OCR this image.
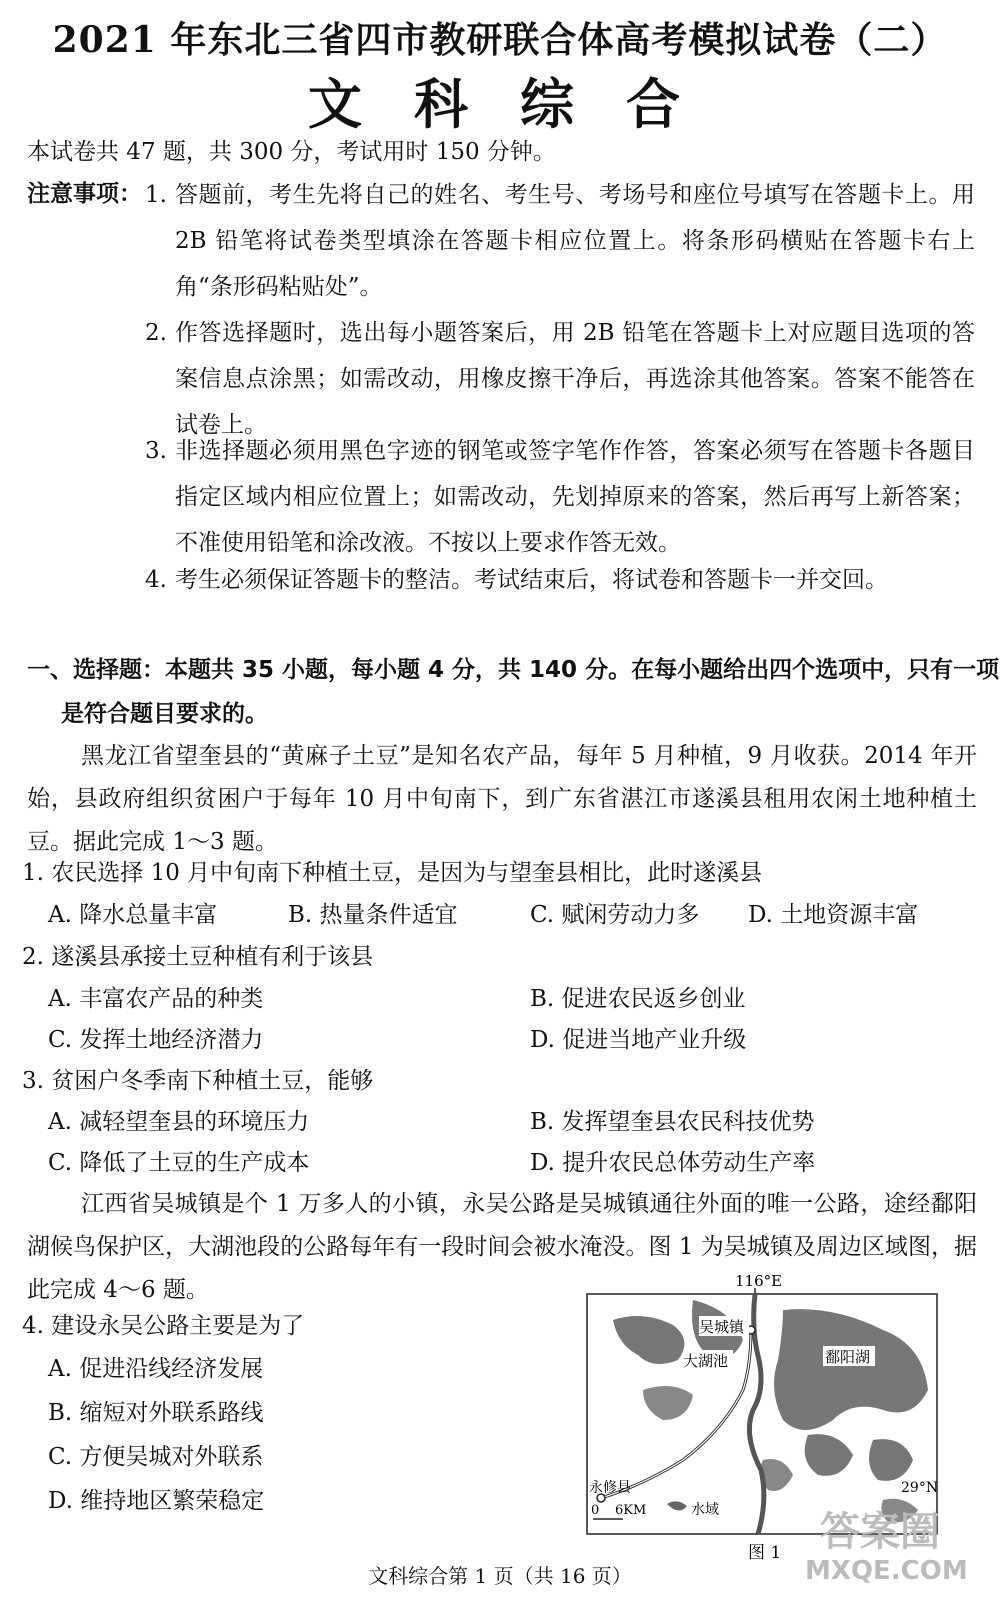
2021 年东北三省四市教研联合体高考模拟试卷（二）
文科综合
本试卷共 47 题，共 300 分，考试用时 150 分钟。
注意事项： 1. 答题前，考生先将自己的姓名、考生号、考场号和座位号填写在答题卡上。用 2B 铅笔将试卷类型填涂在答题卡相应位置上。将条形码横贴在答题卡右上角“条形码粘贴处”。
2. 作答选择题时，选出每小题答案后，用 2B 铅笔在答题卡上对应题目选项的答案信息点涂黑；如需改动，用橡皮擦干净后，再选涂其他答案。答案不能答在试卷上。
3. 非选择题必须用黑色字迹的钢笔或签字笔作作答，答案必须写在答题卡各题目指定区域内相应位置上；如需改动，先划掉原来的答案，然后再写上新答案；不准使用铅笔和涂改液。不按以上要求作答无效。
4. 考生必须保证答题卡的整洁。考试结束后，将试卷和答题卡一并交回。
一、选择题：本题共 35 小题，每小题 4 分，共 140 分。在每小题给出四个选项中，只有一项
是符合题目要求的。
黑龙江省望奎县的“黄麻子土豆”是知名农产品，每年 5 月种植，9 月收获。2014 年开始，县政府组织贫困户于每年 10 月中旬南下，到广东省湛江市遂溪县租用农闲土地种植土豆。据此完成 1～3 题。
1. 农民选择 10 月中旬南下种植土豆，是因为与望奎县相比，此时遂溪县
A. 降水总量丰富	B. 热量条件适宜	C. 赋闲劳动力多 D. 土地资源丰富
2. 遂溪县承接土豆种植有利于该县
A. 丰富农产品的种类	B. 促进农民返乡创业
C. 发挥土地经济潜力	D. 促进当地产业升级
3. 贫困户冬季南下种植土豆，能够
A. 减轻望奎县的环境压力	B. 发挥望奎县农民科技优势
C. 降低了土豆的生产成本	D. 提升农民总体劳动生产率
江西省吴城镇是个 1 万多人的小镇，永吴公路是吴城镇通往外面的唯一公路，途经鄱阳湖候鸟保护区，大湖池段的公路每年有一段时间会被水淹没。图 1 为吴城镇及周边区域图，据此完成 4～6 题。
4. 建设永吴公路主要是为了
A. 促进沿线经济发展
B. 缩短对外联系路线
C. 方便吴城对外联系
D. 维持地区繁荣稳定
116°E
吴城镇
大湖池	鄱阳湖
永修县	29°N
0 6KM	水域
图 1
文科综合第 1 页（共 16 页）
答案圈
MXQE.COM
